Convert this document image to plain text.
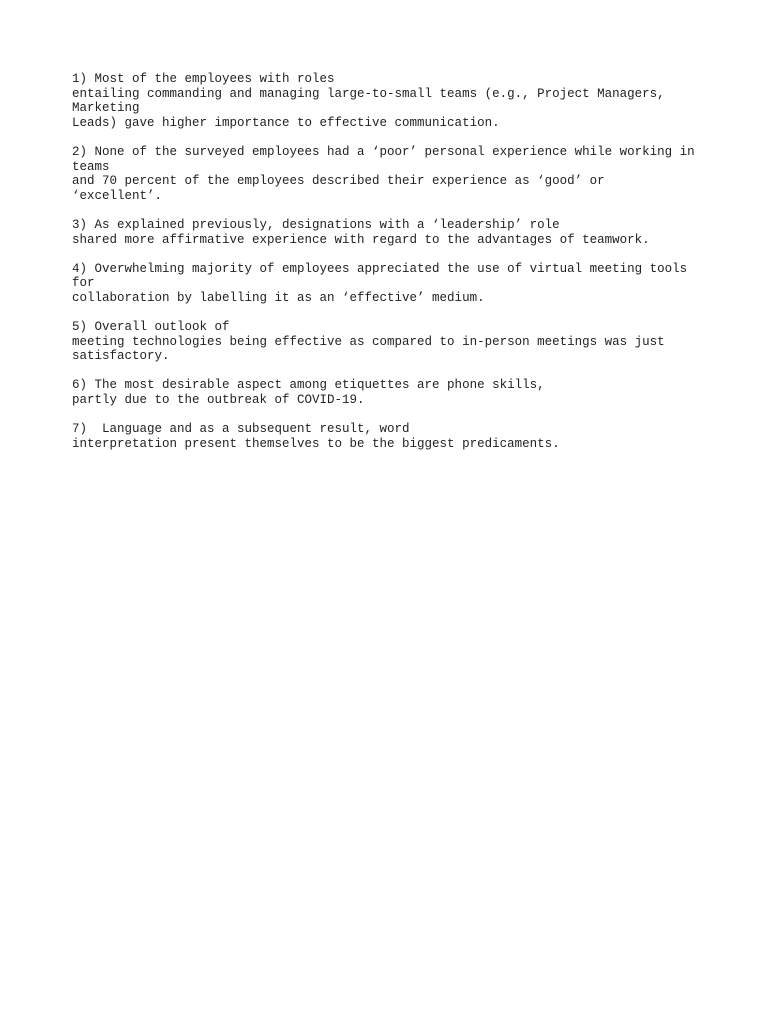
1) Most of the employees with roles
entailing commanding and managing large-to-small teams (e.g., Project Managers,
Marketing
Leads) gave higher importance to effective communication.

2) None of the surveyed employees had a ‘poor’ personal experience while working in
teams
and 70 percent of the employees described their experience as ‘good’ or
‘excellent’.

3) As explained previously, designations with a ‘leadership’ role
shared more affirmative experience with regard to the advantages of teamwork.

4) Overwhelming majority of employees appreciated the use of virtual meeting tools
for
collaboration by labelling it as an ‘effective’ medium.

5) Overall outlook of
meeting technologies being effective as compared to in-person meetings was just
satisfactory.

6) The most desirable aspect among etiquettes are phone skills,
partly due to the outbreak of COVID-19.

7)  Language and as a subsequent result, word
interpretation present themselves to be the biggest predicaments.
